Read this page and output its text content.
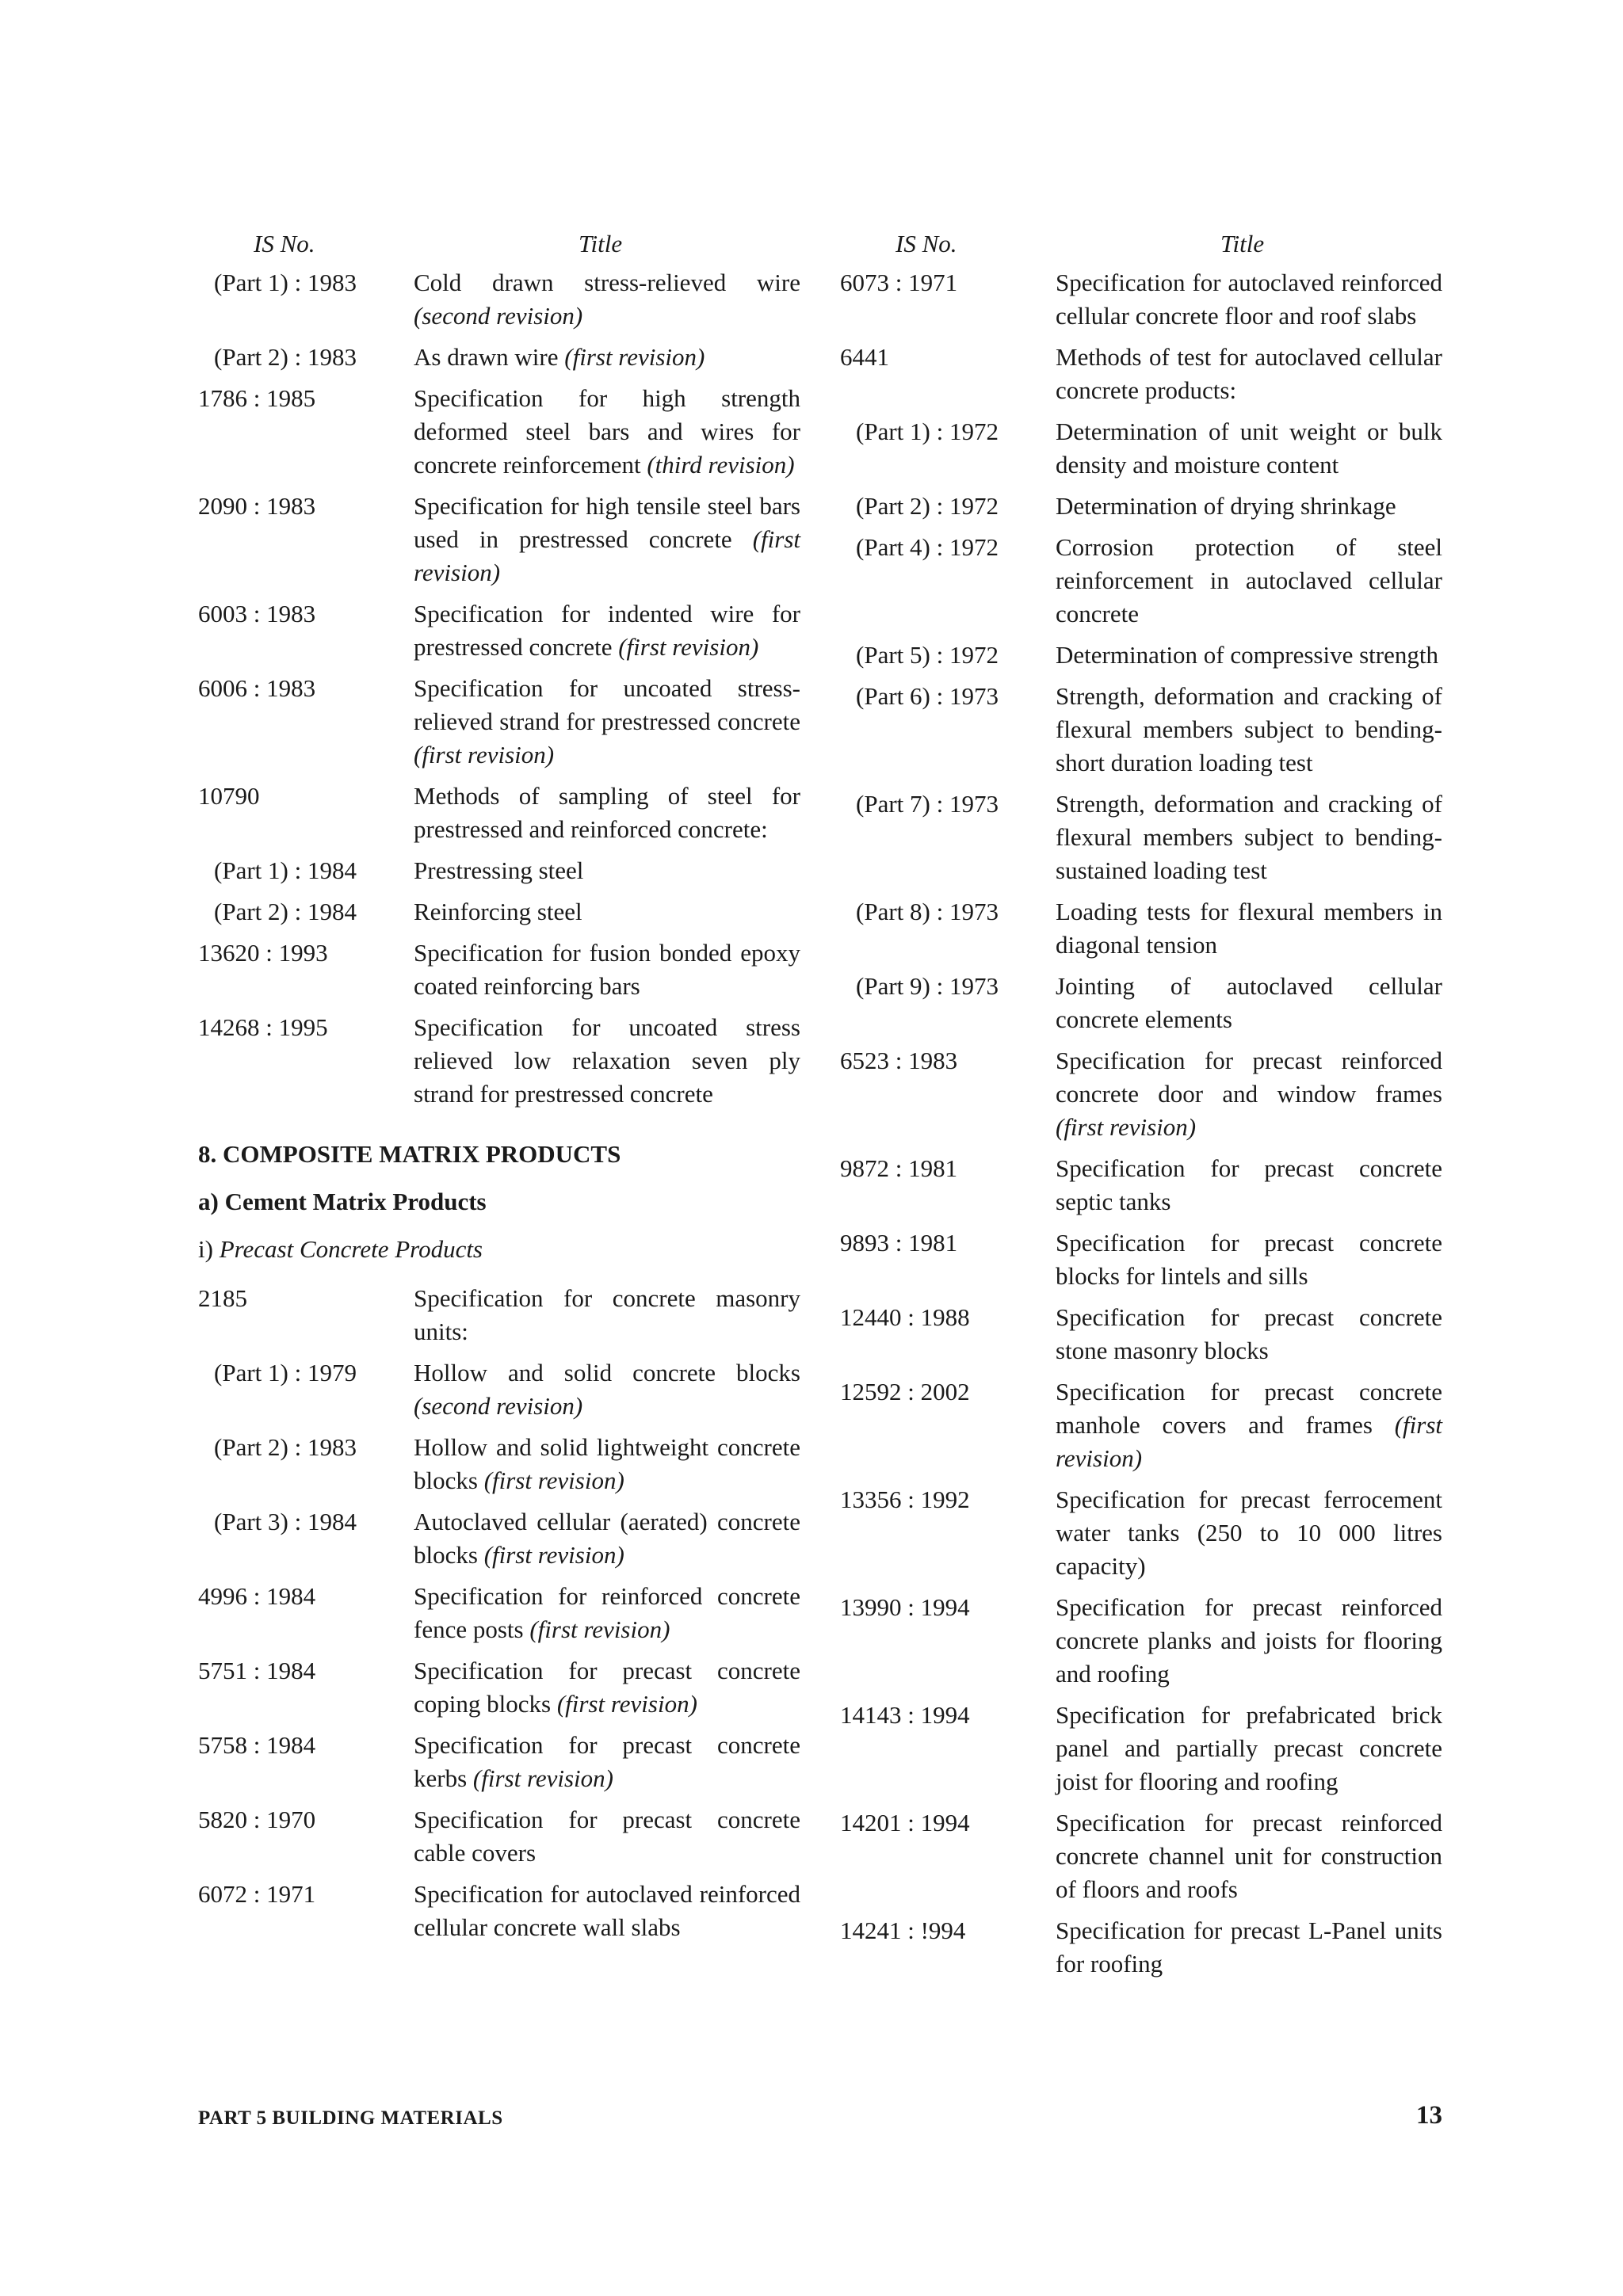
IS No.	Title
(Part 1) : 1983	Cold drawn stress-relieved wire (second revision)
(Part 2) : 1983	As drawn wire (first revision)
1786 : 1985	Specification for high strength deformed steel bars and wires for concrete reinforcement (third revision)
2090 : 1983	Specification for high tensile steel bars used in prestressed concrete (first revision)
6003 : 1983	Specification for indented wire for prestressed concrete (first revision)
6006 : 1983	Specification for uncoated stress-relieved strand for prestressed concrete (first revision)
10790	Methods of sampling of steel for prestressed and reinforced concrete:
(Part 1) : 1984	Prestressing steel
(Part 2) : 1984	Reinforcing steel
13620 : 1993	Specification for fusion bonded epoxy coated reinforcing bars
14268 : 1995	Specification for uncoated stress relieved low relaxation seven ply strand for prestressed concrete
8. COMPOSITE MATRIX PRODUCTS
a) Cement Matrix Products
i) Precast Concrete Products
2185	Specification for concrete masonry units:
(Part 1) : 1979	Hollow and solid concrete blocks (second revision)
(Part 2) : 1983	Hollow and solid lightweight concrete blocks (first revision)
(Part 3) : 1984	Autoclaved cellular (aerated) concrete blocks (first revision)
4996 : 1984	Specification for reinforced concrete fence posts (first revision)
5751 : 1984	Specification for precast concrete coping blocks (first revision)
5758 : 1984	Specification for precast concrete kerbs (first revision)
5820 : 1970	Specification for precast concrete cable covers
6072 : 1971	Specification for autoclaved reinforced cellular concrete wall slabs
IS No.	Title
6073 : 1971	Specification for autoclaved reinforced cellular concrete floor and roof slabs
6441	Methods of test for autoclaved cellular concrete products:
(Part 1) : 1972	Determination of unit weight or bulk density and moisture content
(Part 2) : 1972	Determination of drying shrinkage
(Part 4) : 1972	Corrosion protection of steel reinforcement in autoclaved cellular concrete
(Part 5) : 1972	Determination of compressive strength
(Part 6) : 1973	Strength, deformation and cracking of flexural members subject to bending-short duration loading test
(Part 7) : 1973	Strength, deformation and cracking of flexural members subject to bending-sustained loading test
(Part 8) : 1973	Loading tests for flexural members in diagonal tension
(Part 9) : 1973	Jointing of autoclaved cellular concrete elements
6523 : 1983	Specification for precast reinforced concrete door and window frames (first revision)
9872 : 1981	Specification for precast concrete septic tanks
9893 : 1981	Specification for precast concrete blocks for lintels and sills
12440 : 1988	Specification for precast concrete stone masonry blocks
12592 : 2002	Specification for precast concrete manhole covers and frames (first revision)
13356 : 1992	Specification for precast ferrocement water tanks (250 to 10 000 litres capacity)
13990 : 1994	Specification for precast reinforced concrete planks and joists for flooring and roofing
14143 : 1994	Specification for prefabricated brick panel and partially precast concrete joist for flooring and roofing
14201 : 1994	Specification for precast reinforced concrete channel unit for construction of floors and roofs
14241 : !994	Specification for precast L-Panel units for roofing
PART 5 BUILDING MATERIALS	13
